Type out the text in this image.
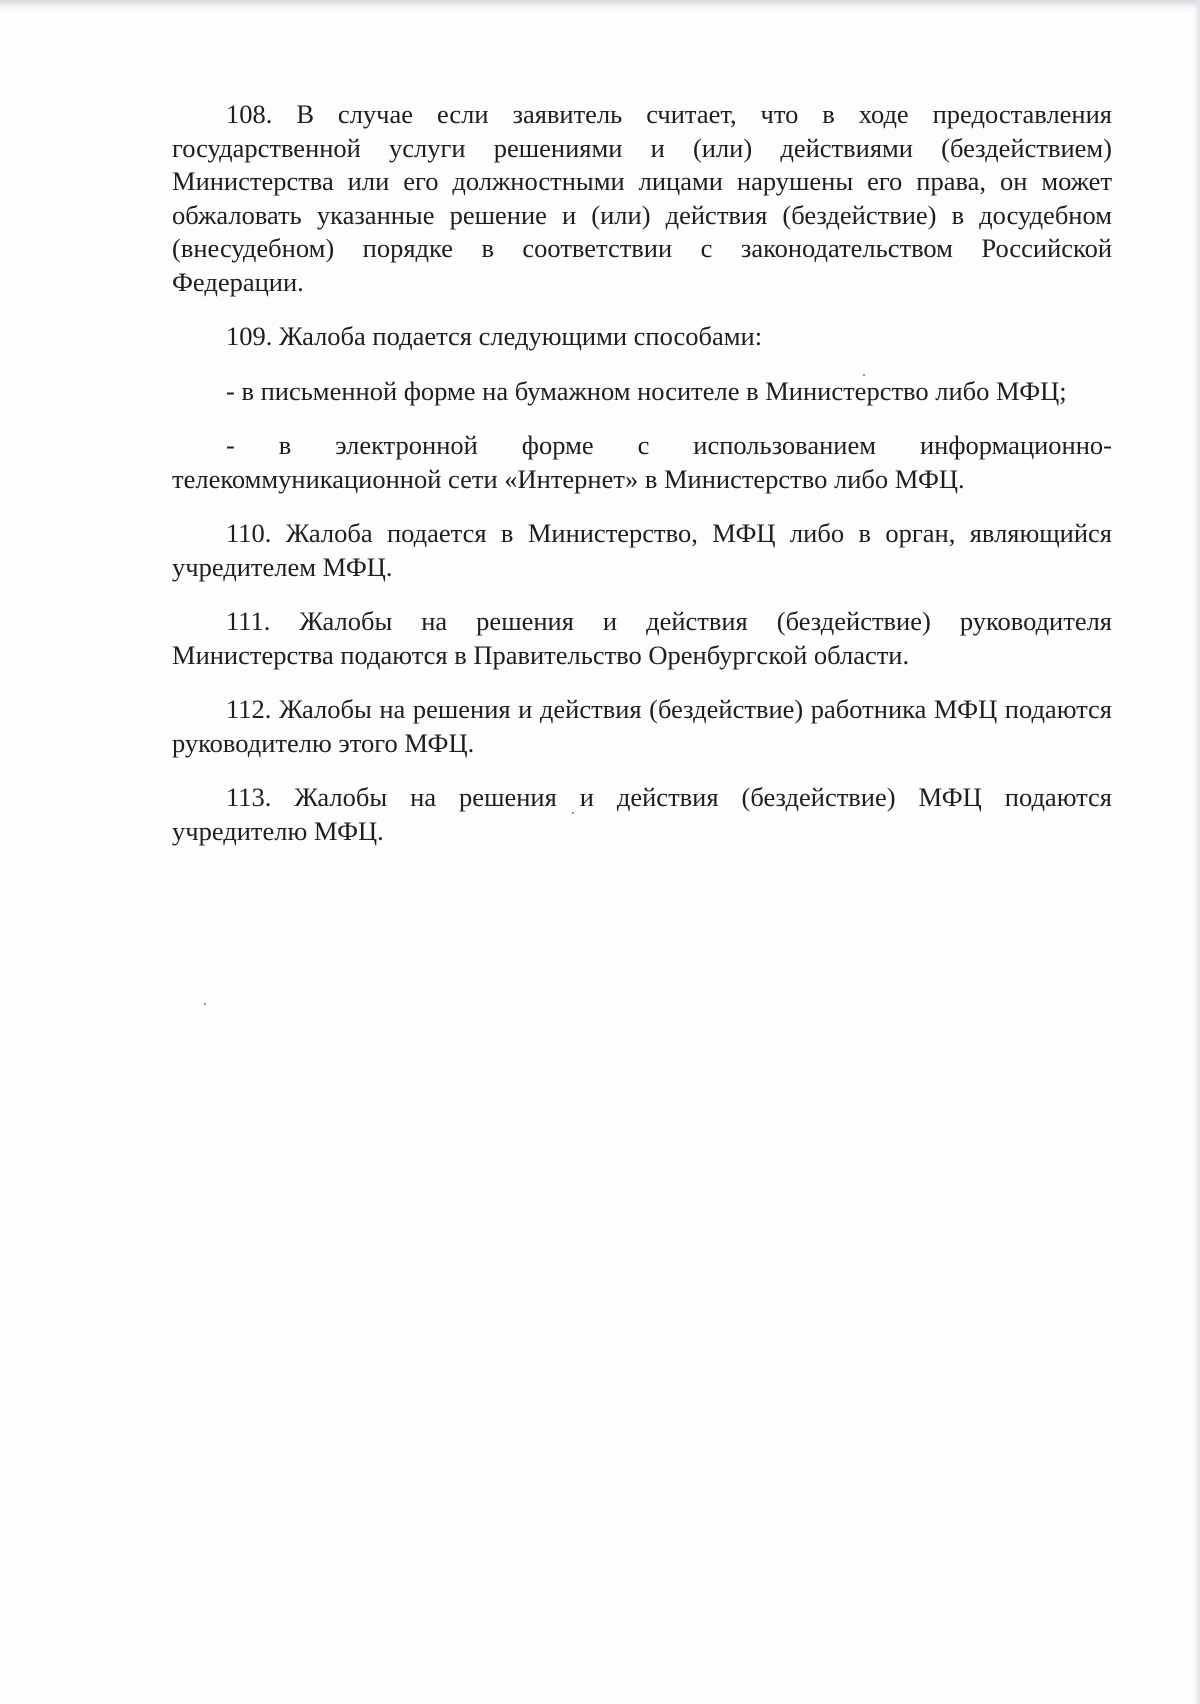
108. В случае если заявитель считает, что в ходе предоставления государственной услуги решениями и (или) действиями (бездействием) Министерства или его должностными лицами нарушены его права, он может обжаловать указанные решение и (или) действия (бездействие) в досудебном (внесудебном) порядке в соответствии с законодательством Российской Федерации.

109. Жалоба подается следующими способами:

- в письменной форме на бумажном носителе в Министерство либо МФЦ;

- в электронной форме с использованием информационно-телекоммуникационной сети «Интернет» в Министерство либо МФЦ.

110. Жалоба подается в Министерство, МФЦ либо в орган, являющийся учредителем МФЦ.

111. Жалобы на решения и действия (бездействие) руководителя Министерства подаются в Правительство Оренбургской области.

112. Жалобы на решения и действия (бездействие) работника МФЦ подаются руководителю этого МФЦ.

113. Жалобы на решения и действия (бездействие) МФЦ подаются учредителю МФЦ.
